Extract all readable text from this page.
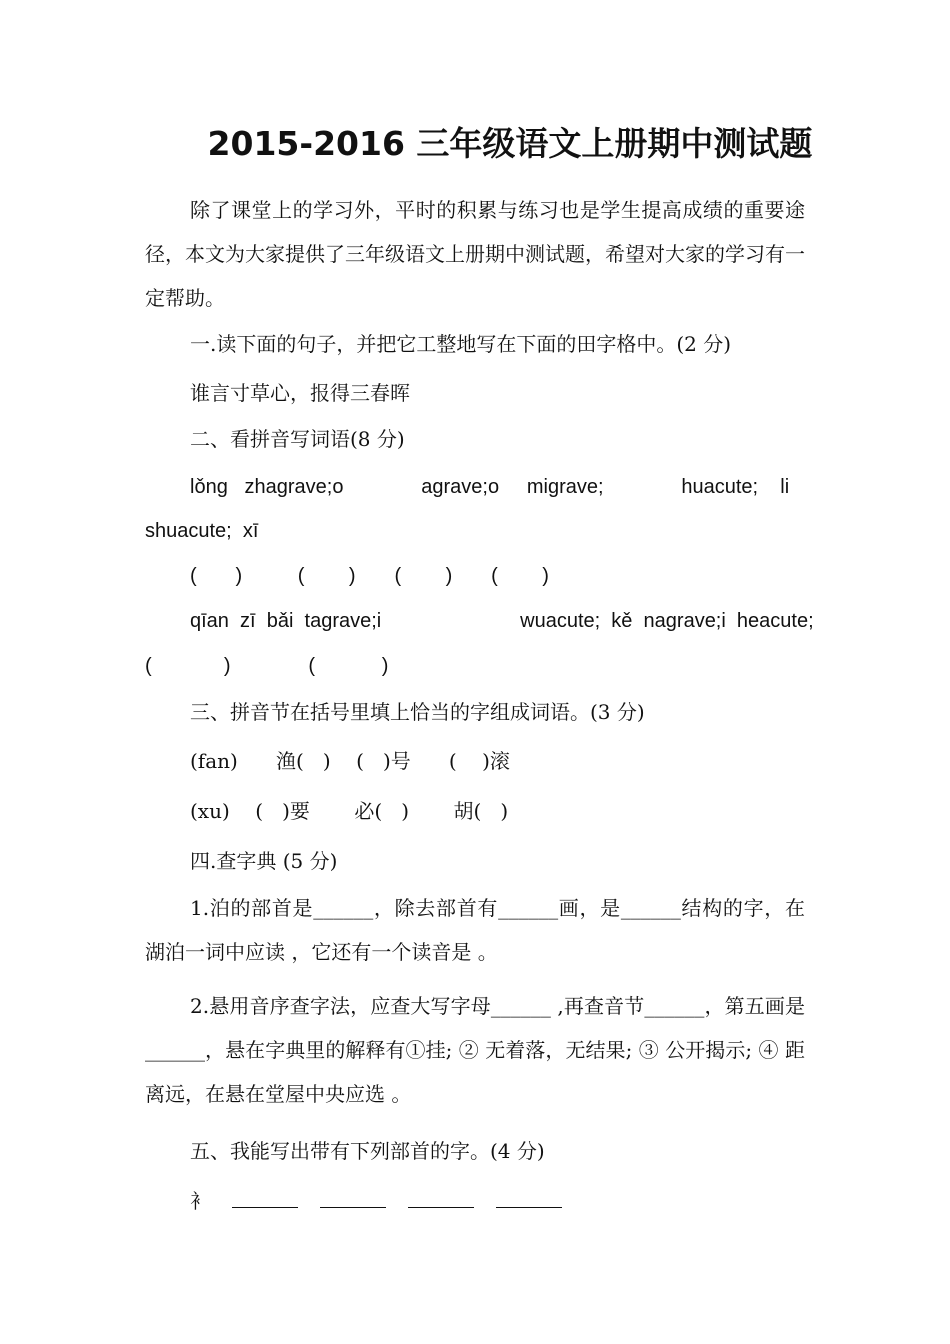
2015-2016 三年级语文上册期中测试题
除了课堂上的学习外，平时的积累与练习也是学生提高成绩的重要途径，本文为大家提供了三年级语文上册期中测试题，希望对大家的学习有一定帮助。
一.读下面的句子，并把它工整地写在下面的田字格中。(2 分)
谁言寸草心，报得三春晖
二、看拼音写词语(8 分)
lǒng   zhagrave;o              agrave;o     migrave;              huacute;    li
shuacute;  xī
(       )          (        )       (        )       (        )
qīan  zī  bǎi  tagrave;i                         wuacute;  kě  nagrave;i  heacute;
(             )              (            )
三、拼音节在括号里填上恰当的字组成词语。(3 分)
(fan)      渔(   )    (   )号      (    )滚
(xu)    (   )要       必(   )       胡(   )
四.查字典 (5 分)
1.泊的部首是______，除去部首有______画，是______结构的字，在湖泊一词中应读 ，它还有一个读音是 。
2.悬用音序查字法，应查大写字母______ ,再查音节______，第五画是______，悬在字典里的解释有①挂; ② 无着落，无结果; ③ 公开揭示; ④ 距离远，在悬在堂屋中央应选 。
五、我能写出带有下列部首的字。(4 分)
衤
